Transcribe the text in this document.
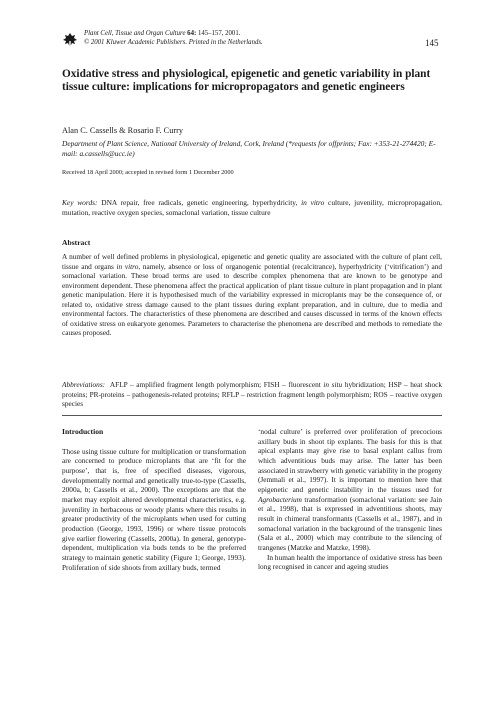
Plant Cell, Tissue and Organ Culture 64: 145–157, 2001.
© 2001 Kluwer Academic Publishers. Printed in the Netherlands.	145
Oxidative stress and physiological, epigenetic and genetic variability in plant tissue culture: implications for micropropagators and genetic engineers
Alan C. Cassells & Rosario F. Curry
Department of Plant Science, National University of Ireland, Cork, Ireland (*requests for offprints; Fax: +353-21-274420; E-mail: a.cassells@ucc.ie)
Received 18 April 2000; accepted in revised form 1 December 2000
Key words: DNA repair, free radicals, genetic engineering, hyperhydricity, in vitro culture, juvenility, micropropagation, mutation, reactive oxygen species, somaclonal variation, tissue culture
Abstract
A number of well defined problems in physiological, epigenetic and genetic quality are associated with the culture of plant cell, tissue and organs in vitro, namely, absence or loss of organogenic potential (recalcitrance), hyperhydricity (‘vitrification’) and somaclonal variation. These broad terms are used to describe complex phenomena that are known to be genotype and environment dependent. These phenomena affect the practical application of plant tissue culture in plant propagation and in plant genetic manipulation. Here it is hypothesised much of the variability expressed in microplants may be the consequence of, or related to, oxidative stress damage caused to the plant tissues during explant preparation, and in culture, due to media and environmental factors. The characteristics of these phenomena are described and causes discussed in terms of the known effects of oxidative stress on eukaryote genomes. Parameters to characterise the phenomena are described and methods to remediate the causes proposed.
Abbreviations: AFLP – amplified fragment length polymorphism; FISH – fluorescent in situ hybridization; HSP – heat shock proteins; PR-proteins – pathogenesis-related proteins; RFLP – restriction fragment length polymorphism; ROS – reactive oxygen species
Introduction

Those using tissue culture for multiplication or transformation are concerned to produce microplants that are ‘fit for the purpose’, that is, free of specified diseases, vigorous, developmentally normal and genetically true-to-type (Cassells, 2000a, b; Cassells et al., 2000). The exceptions are that the market may exploit altered developmental characteristics, e.g. juvenility in herbaceous or woody plants where this results in greater productivity of the microplants when used for cutting production (George, 1993, 1996) or where tissue protocols give earlier flowering (Cassells, 2000a). In general, genotype-dependent, multiplication via buds tends to be the preferred strategy to maintain genetic stability (Figure 1; George, 1993). Proliferation of side shoots from axillary buds, termed

‘nodal culture’ is preferred over proliferation of precocious axillary buds in shoot tip explants. The basis for this is that apical explants may give rise to basal explant callus from which adventitious buds may arise. The latter has been associated in strawberry with genetic variability in the progeny (Jemmali et al., 1997). It is important to mention here that epigenetic and genetic instability in the tissues used for Agrobacterium transformation (somaclonal variation: see Jain et al., 1998), that is expressed in adventitious shoots, may result in chimeral transformants (Cassells et al., 1987), and in somaclonal variation in the background of the transgenic lines (Sala et al., 2000) which may contribute to the silencing of trangenes (Matzke and Matzke, 1998).

In human health the importance of oxidative stress has been long recognised in cancer and ageing studies
